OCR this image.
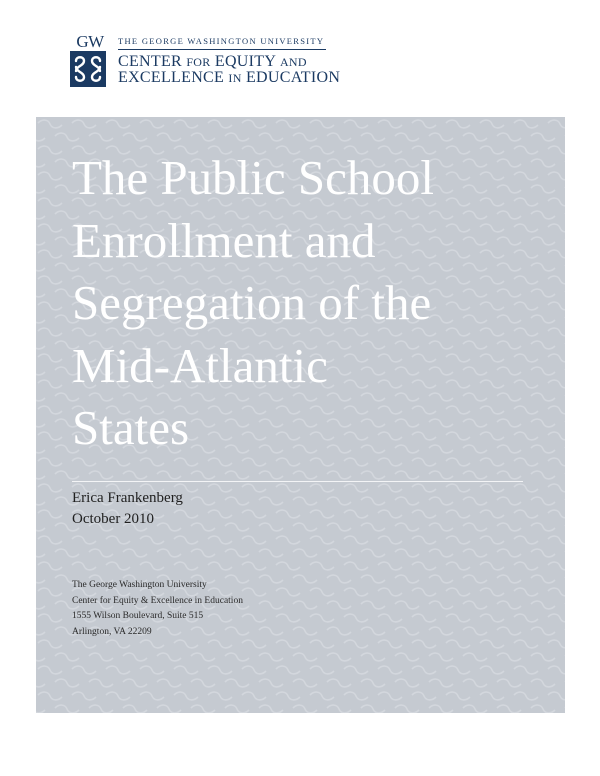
GW	THE GEORGE WASHINGTON UNIVERSITY
CENTER FOR EQUITY AND
EXCELLENCE IN EDUCATION
The Public School
Enrollment and
Segregation of the
Mid-Atlantic
States
Erica Frankenberg
October 2010
The George Washington University
Center for Equity & Excellence in Education
1555 Wilson Boulevard, Suite 515
Arlington, VA 22209
